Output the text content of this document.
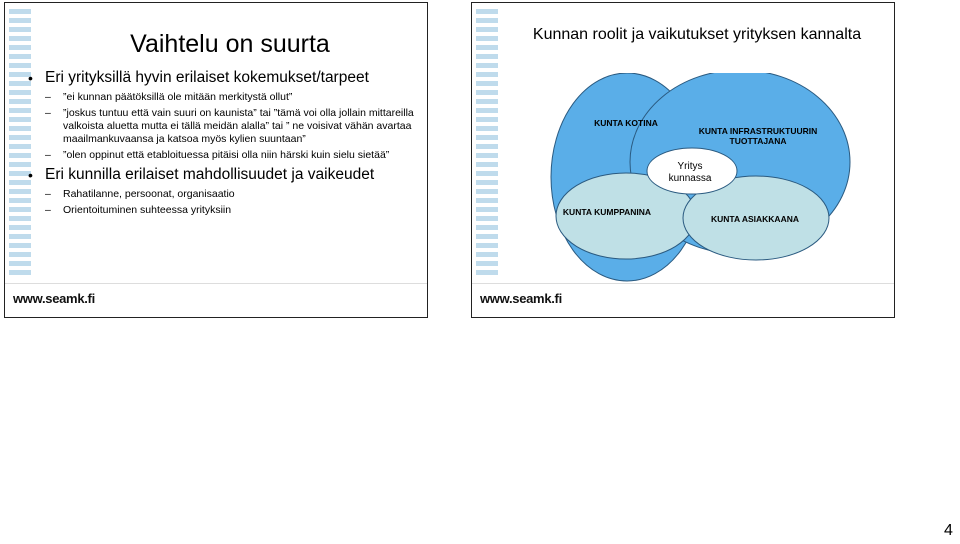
Vaihtelu on suurta
• Eri yrityksillä hyvin erilaiset kokemukset/tarpeet
– ”ei kunnan päätöksillä ole mitään merkitystä ollut”
– ”joskus tuntuu että vain suuri on kaunista” tai ”tämä voi olla jollain mittareilla valkoista aluetta mutta ei tällä meidän alalla” tai ” ne voisivat vähän avartaa maailmankuvaansa ja katsoa myös kylien suuntaan”
– ”olen oppinut että etabloituessa pitäisi olla niin härski kuin sielu sietää”
• Eri kunnilla erilaiset mahdollisuudet ja vaikeudet
– Rahatilanne, persoonat, organisaatio
– Orientoituminen suhteessa yrityksiin
www.seamk.fi
Kunnan roolit ja vaikutukset yrityksen kannalta
KUNTA KOTINA
KUNTA INFRASTRUKTUURIN
TUOTTAJANA
KUNTA KUMPPANINA
KUNTA ASIAKKAANA
Yritys
kunnassa
www.seamk.fi
4
